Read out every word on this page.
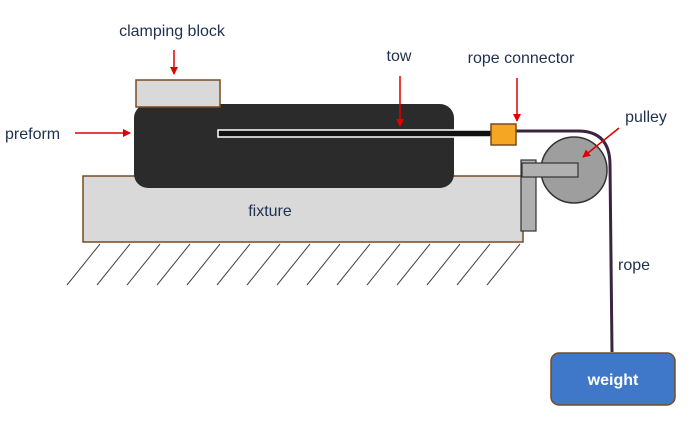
weight
clamping block
tow	rope connector
preform
pulley
fixture
rope
